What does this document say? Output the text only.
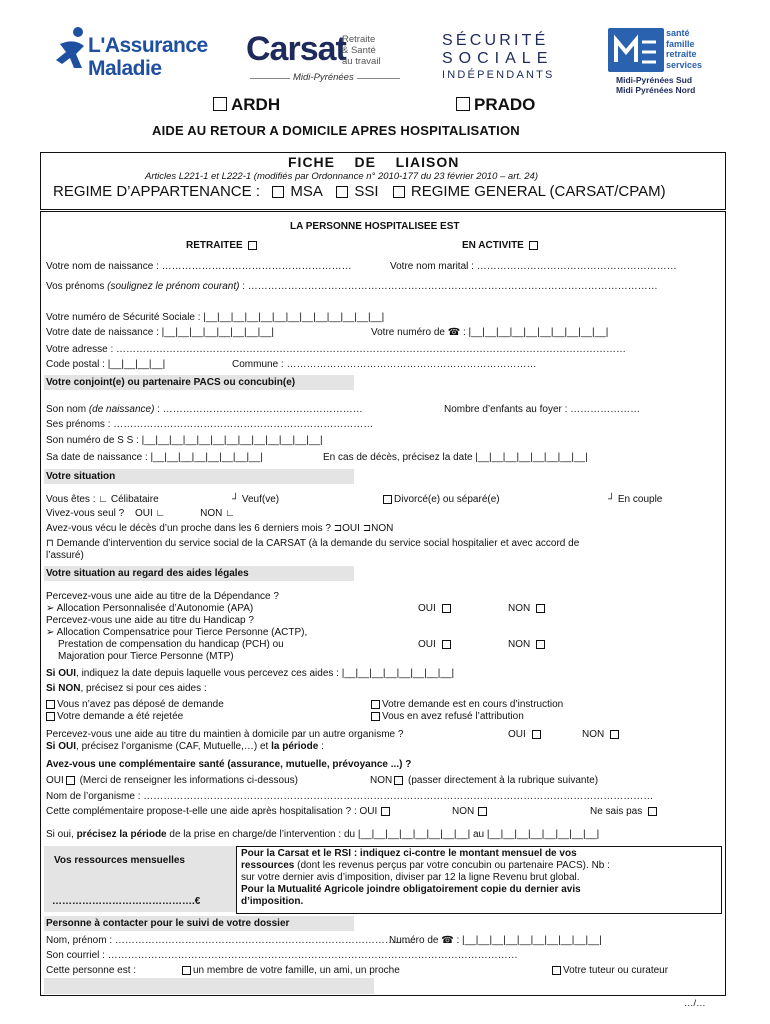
L'Assurance
Maladie
Carsat
Retraite
& Santé
au travail
Midi-Pyrénées
SÉCURITÉ
SOCIALE
INDÉPENDANTS
santé
famille
retraite
services
Midi-Pyrénées Sud
Midi Pyrénées Nord
ARDH	PRADO
AIDE AU RETOUR A DOMICILE APRES HOSPITALISATION
FICHE    DE    LIAISON
Articles L221-1 et L222-1 (modifiés par Ordonnance n° 2010-177 du 23 février 2010 – art. 24)
REGIME D’APPARTENANCE : MSA SSI REGIME GENERAL (CARSAT/CPAM)
LA PERSONNE HOSPITALISEE EST
RETRAITEE	EN ACTIVITE
Votre nom de naissance : …………………………………………………	Votre nom marital : ……………………………………………………
Vos prénoms (soulignez le prénom courant) : ……………………………………………………………………………………………………………
Votre numéro de Sécurité Sociale : |__|__|__|__|__|__|__|__|__|__|__|__|__|
Votre date de naissance : |__|__|__|__|__|__|__|__|	Votre numéro de ☎ : |__|__|__|__|__|__|__|__|__|__|
Votre adresse : ………………………………………………………………………………………………………………………………………
Code postal : |__|__|__|__|	Commune : …………………………………………………………………
Votre conjoint(e) ou partenaire PACS ou concubin(e)
Son nom (de naissance) : ……………………………………………………	Nombre d’enfants au foyer : …………………
Ses prénoms : ……………………………………………………………………
Son numéro de S S : |__|__|__|__|__|__|__|__|__|__|__|__|__|
Sa date de naissance : |__|__|__|__|__|__|__|__|	En cas de décès, précisez la date |__|__|__|__|__|__|__|__|
Votre situation
Vous êtes : ∟ Célibataire	┘ Veuf(ve)	Divorcé(e) ou séparé(e)	┘ En couple
Vivez-vous seul ? OUI ∟	NON ∟
Avez-vous vécu le décès d’un proche dans les 6 derniers mois ? ⊐OUI ⊐NON
⊓ Demande d’intervention du service social de la CARSAT (à la demande du service social hospitalier et avec accord de
l’assuré)
Votre situation au regard des aides légales
Percevez-vous une aide au titre de la Dépendance ?
➢ Allocation Personnalisée d’Autonomie (APA)	OUI	NON
Percevez-vous une aide au titre du Handicap ?
➢ Allocation Compensatrice pour Tierce Personne (ACTP),
Prestation de compensation du handicap (PCH) ou	OUI	NON
Majoration pour Tierce Personne (MTP)
Si OUI, indiquez la date depuis laquelle vous percevez ces aides : |__|__|__|__|__|__|__|__|
Si NON, précisez si pour ces aides :
Vous n’avez pas déposé de demande	Votre demande est en cours d’instruction
Votre demande a été rejetée	Vous en avez refusé l’attribution
Percevez-vous une aide au titre du maintien à domicile par un autre organisme ?	OUI	NON
Si OUI, précisez l’organisme (CAF, Mutuelle,…) et la période :
Avez-vous une complémentaire santé (assurance, mutuelle, prévoyance ...) ?
OUI (Merci de renseigner les informations ci-dessous)	NON (passer directement à la rubrique suivante)
Nom de l’organisme : ………………………………………………………………………………………………………………………………………
Cette complémentaire propose-t-elle une aide après hospitalisation ? : OUI	NON	Ne sais pas
Si oui, précisez la période de la prise en charge/de l’intervention : du |__|__|__|__|__|__|__|__| au |__|__|__|__|__|__|__|__|
Vos ressources mensuelles
…………………………………….€
Pour la Carsat et le RSI : indiquez ci-contre le montant mensuel de vos
ressources (dont les revenus perçus par votre concubin ou partenaire PACS). Nb :
sur votre dernier avis d’imposition, diviser par 12 la ligne Revenu brut global.
Pour la Mutualité Agricole joindre obligatoirement copie du dernier avis
d’imposition.
Personne à contacter pour le suivi de votre dossier
Nom, prénom : ………………………………………………………………………………
Numéro de ☎ : |__|__|__|__|__|__|__|__|__|__|
Son courriel : ……………………………………………………………………………………………………………
Cette personne est :	un membre de votre famille, un ami, un proche	Votre tuteur ou curateur
…/…
